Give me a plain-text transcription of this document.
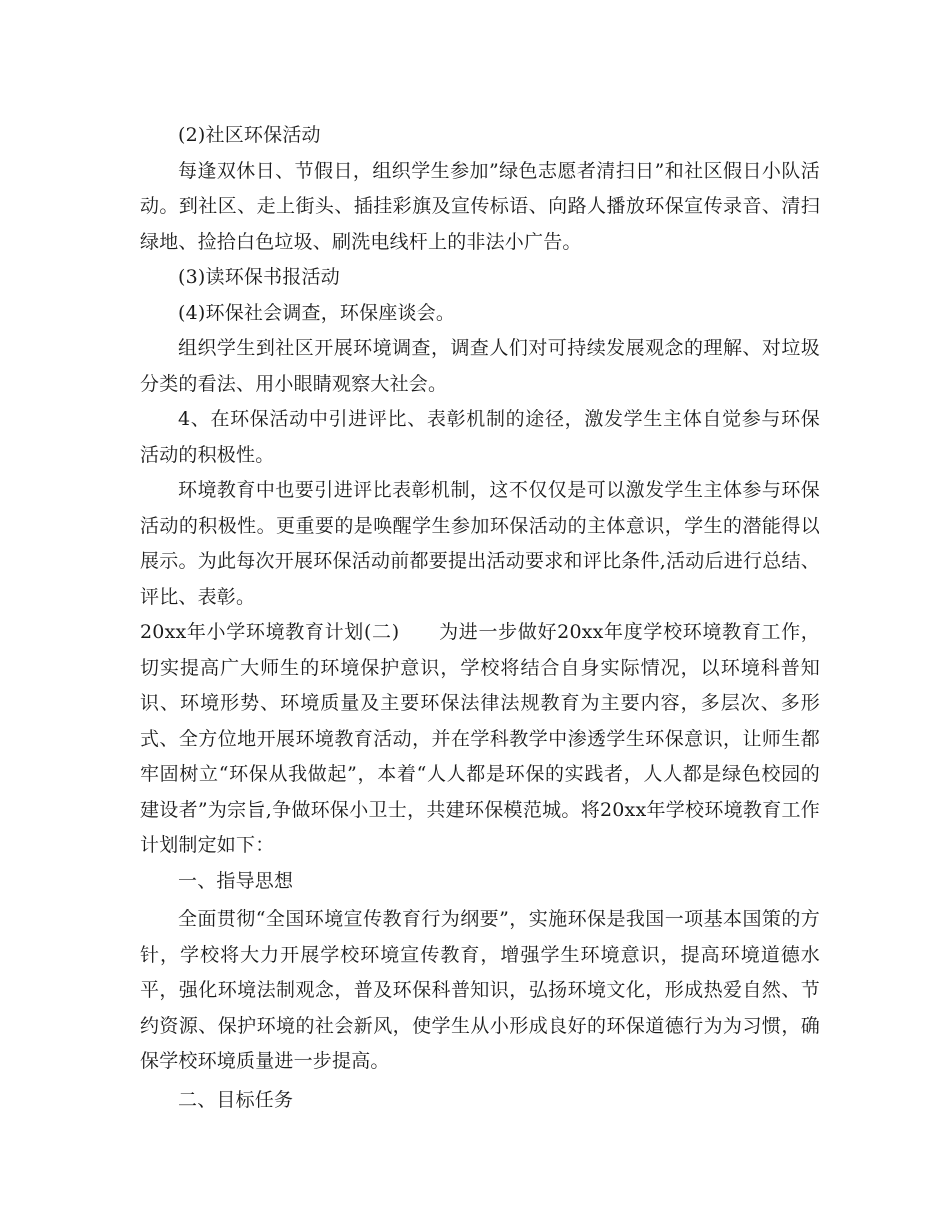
(2)社区环保活动

每逢双休日、节假日，组织学生参加”绿色志愿者清扫日”和社区假日小队活动。到社区、走上街头、插挂彩旗及宣传标语、向路人播放环保宣传录音、清扫绿地、捡拾白色垃圾、刷洗电线杆上的非法小广告。

(3)读环保书报活动

(4)环保社会调查，环保座谈会。

组织学生到社区开展环境调查，调查人们对可持续发展观念的理解、对垃圾分类的看法、用小眼睛观察大社会。

4、在环保活动中引进评比、表彰机制的途径，激发学生主体自觉参与环保活动的积极性。

环境教育中也要引进评比表彰机制，这不仅仅是可以激发学生主体参与环保活动的积极性。更重要的是唤醒学生参加环保活动的主体意识，学生的潜能得以展示。为此每次开展环保活动前都要提出活动要求和评比条件,活动后进行总结、评比、表彰。

20xx年小学环境教育计划(二)　　为进一步做好20xx年度学校环境教育工作，切实提高广大师生的环境保护意识，学校将结合自身实际情况，以环境科普知识、环境形势、环境质量及主要环保法律法规教育为主要内容，多层次、多形式、全方位地开展环境教育活动，并在学科教学中渗透学生环保意识，让师生都牢固树立“环保从我做起”，本着“人人都是环保的实践者，人人都是绿色校园的建设者”为宗旨,争做环保小卫士，共建环保模范城。将20xx年学校环境教育工作计划制定如下：

一、指导思想

全面贯彻“全国环境宣传教育行为纲要”，实施环保是我国一项基本国策的方针，学校将大力开展学校环境宣传教育，增强学生环境意识，提高环境道德水平，强化环境法制观念，普及环保科普知识，弘扬环境文化，形成热爱自然、节约资源、保护环境的社会新风，使学生从小形成良好的环保道德行为为习惯，确保学校环境质量进一步提高。

二、目标任务
